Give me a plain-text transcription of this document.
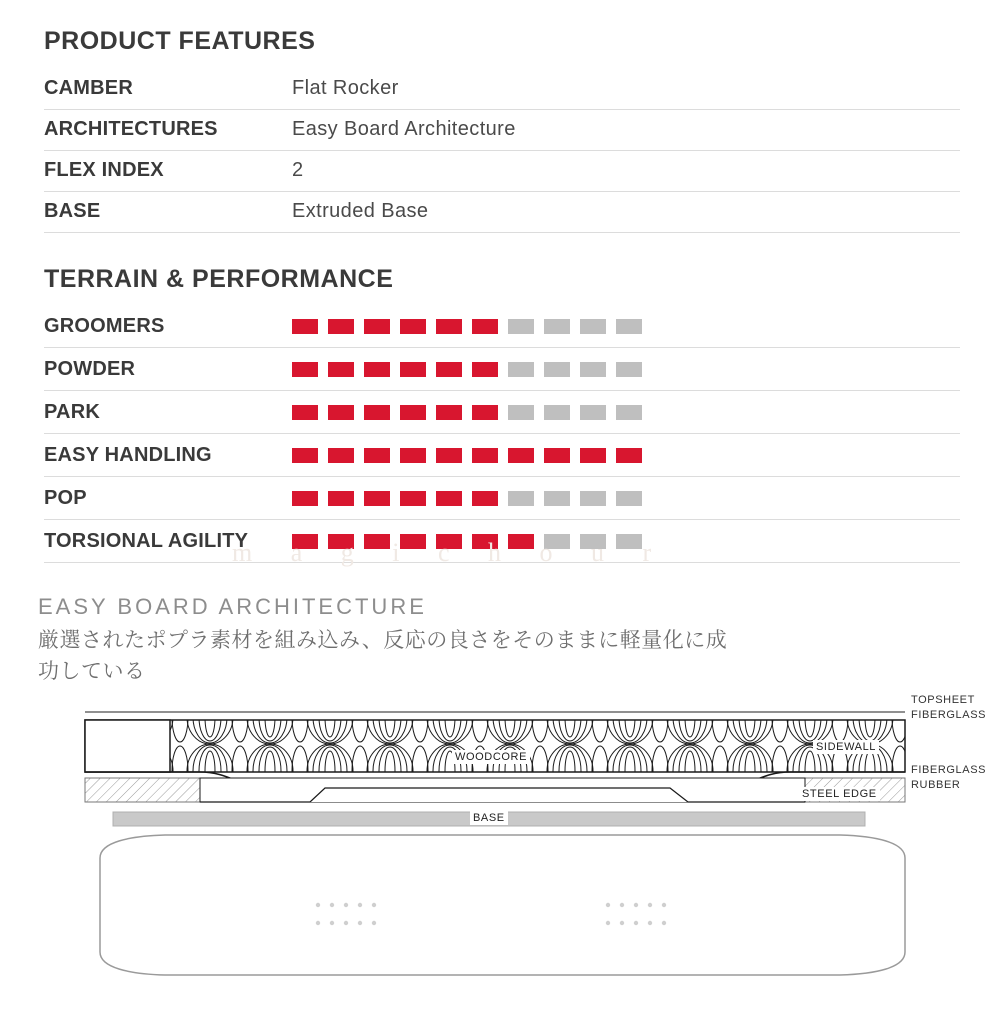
PRODUCT FEATURES
CAMBER	Flat Rocker
ARCHITECTURES	Easy Board Architecture
FLEX INDEX	2
BASE	Extruded Base
TERRAIN & PERFORMANCE
GROOMERS	

POWDER	

PARK	

EASY HANDLING	

POP	

TORSIONAL AGILITY	
m a g i c h o u r
EASY BOARD ARCHITECTURE
厳選されたポプラ素材を組み込み、反応の良さをそのままに軽量化に成功している
TOPSHEET
FIBERGLASS
FIBERGLASS
RUBBER
WOODCORE
SIDEWALL
STEEL EDGE
BASE
